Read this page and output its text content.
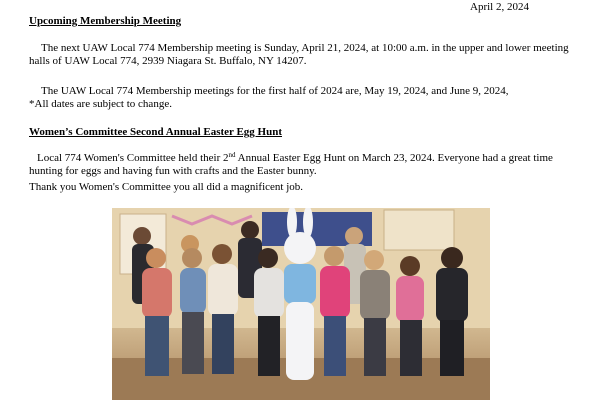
April 2, 2024
Upcoming Membership Meeting

The next UAW Local 774 Membership meeting is Sunday, April 21, 2024, at 10:00 a.m. in the upper and lower meeting halls of UAW Local 774, 2939 Niagara St. Buffalo, NY 14207.

The UAW Local 774 Membership meetings for the first half of 2024 are, May 19, 2024, and June 9, 2024,

*All dates are subject to change.

Women’s Committee Second Annual Easter Egg Hunt

Local 774 Women's Committee held their 2nd Annual Easter Egg Hunt on March 23, 2024. Everyone had a great time hunting for eggs and having fun with crafts and the Easter bunny.

Thank you Women's Committee you all did a magnificent job.
